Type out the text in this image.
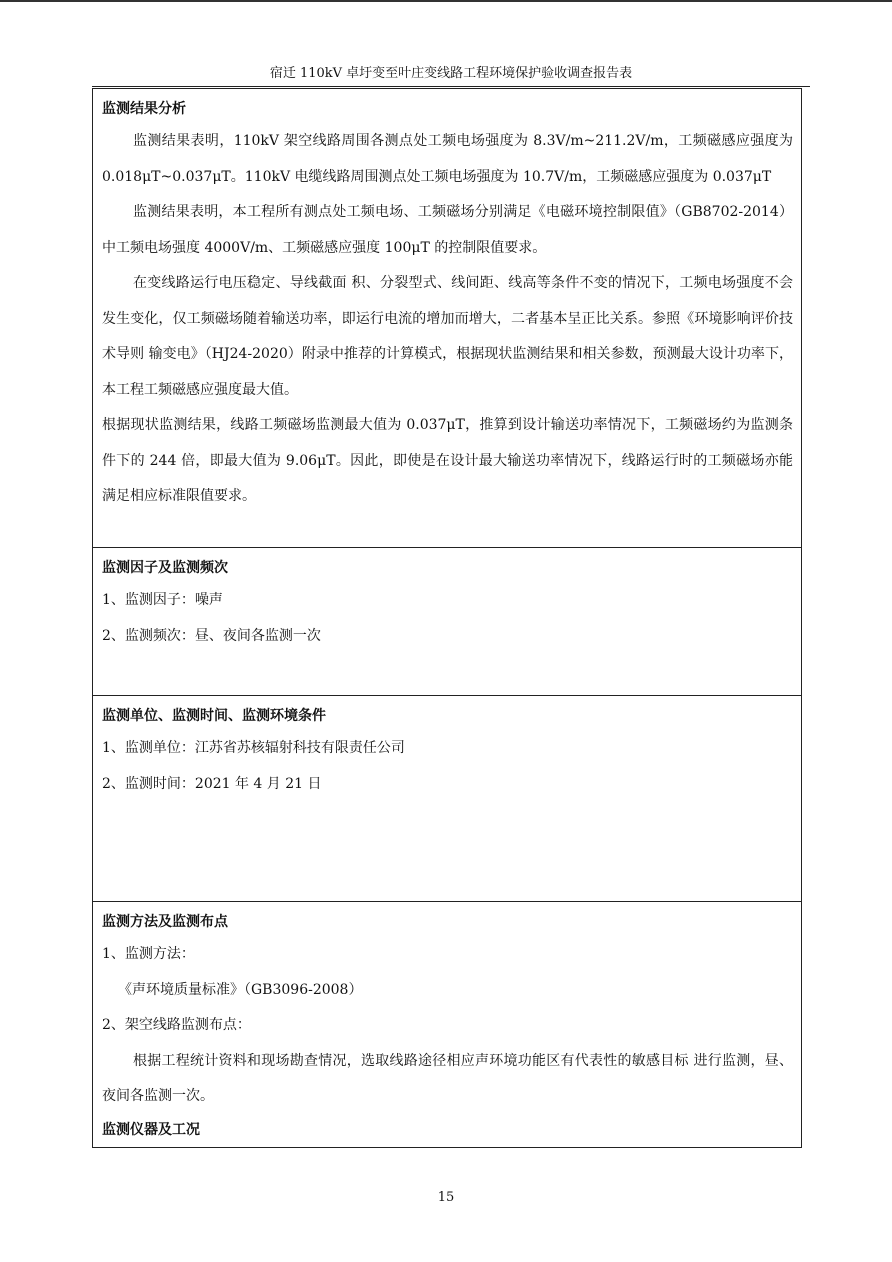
宿迁 110kV 卓圩变至叶庄变线路工程环境保护验收调查报告表

监测结果分析

监测结果表明，110kV 架空线路周围各测点处工频电场强度为 8.3V/m~211.2V/m，工频磁感应强度为 0.018μT~0.037μT。110kV 电缆线路周围测点处工频电场强度为 10.7V/m，工频磁感应强度为 0.037μT

监测结果表明，本工程所有测点处工频电场、工频磁场分别满足《电磁环境控制限值》（GB8702-2014）中工频电场强度 4000V/m、工频磁感应强度 100μT 的控制限值要求。

在变线路运行电压稳定、导线截面 积、分裂型式、线间距、线高等条件不变的情况下，工频电场强度不会发生变化，仅工频磁场随着输送功率，即运行电流的增加而增大，二者基本呈正比关系。参照《环境影响评价技术导则 输变电》（HJ24-2020）附录中推荐的计算模式，根据现状监测结果和相关参数，预测最大设计功率下，本工程工频磁感应强度最大值。

根据现状监测结果，线路工频磁场监测最大值为 0.037μT，推算到设计输送功率情况下，工频磁场约为监测条件下的 244 倍，即最大值为 9.06μT。因此，即使是在设计最大输送功率情况下，线路运行时的工频磁场亦能满足相应标准限值要求。

监测因子及监测频次

1、监测因子：噪声

2、监测频次：昼、夜间各监测一次

监测单位、监测时间、监测环境条件

1、监测单位：江苏省苏核辐射科技有限责任公司

2、监测时间：2021 年 4 月 21 日

监测方法及监测布点

1、监测方法：

《声环境质量标准》（GB3096-2008）

2、架空线路监测布点：

根据工程统计资料和现场勘查情况，选取线路途径相应声环境功能区有代表性的敏感目标 进行监测，昼、夜间各监测一次。

监测仪器及工况

15
